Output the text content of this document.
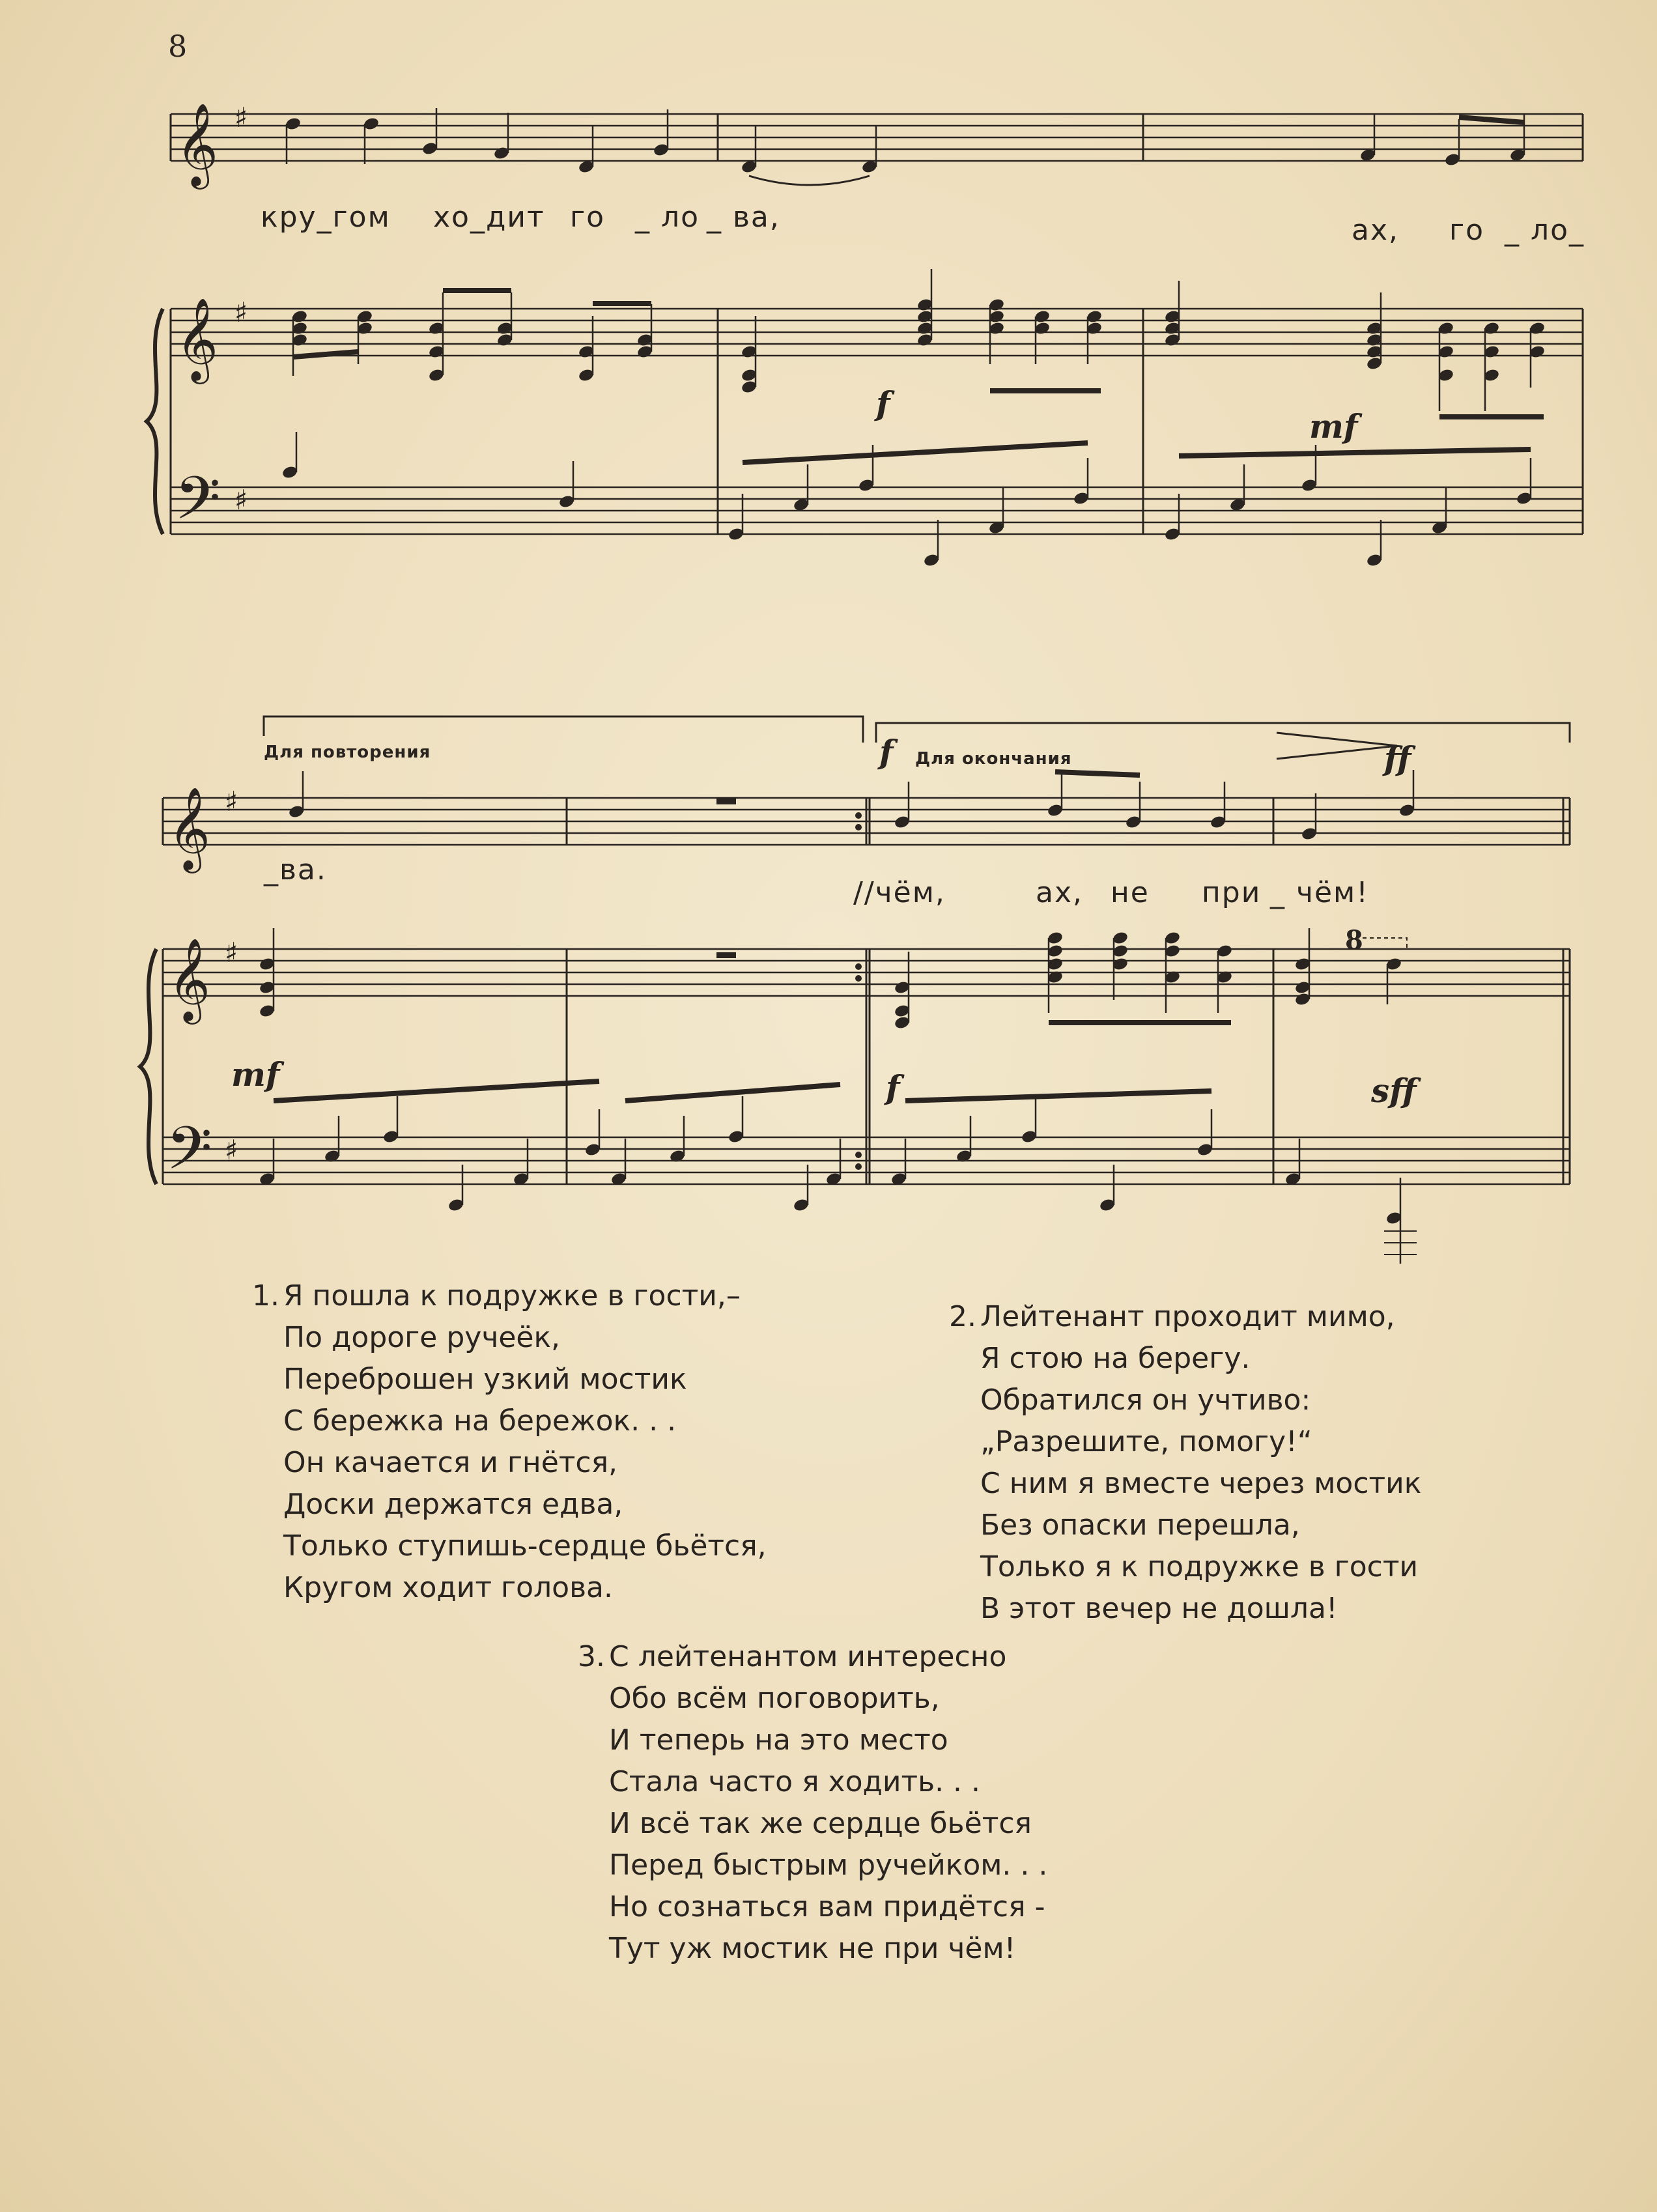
8
𝄞
𝄞
𝄢
♯
♯
♯
𝄞
𝄞
𝄢
♯
♯
♯
кру_гом хо_дит го _ ло _ ва,	ах, го _ ло_
f
mf
Для повторения	Для окончания
f	ff
mf	f	sff
8
_ва.
//чём,	ах, не при _ чём!
1. Я пошла к подружке в гости,–
По дороге ручеёк,
Переброшен узкий мостик
С бережка на бережок. . .
Он качается и гнётся,
Доски держатся едва,
Только ступишь-сердце бьётся,
Кругом ходит голова.
2. Лейтенант проходит мимо,
Я стою на берегу.
Обратился он учтиво:
„Разрешите, помогу!“
С ним я вместе через мостик
Без опаски перешла,
Только я к подружке в гости
В этот вечер не дошла!
3. С лейтенантом интересно
Обо всём поговорить,
И теперь на это место
Стала часто я ходить. . .
И всё так же сердце бьётся
Перед быстрым ручейком. . .
Но сознаться вам придётся -
Тут уж мостик не при чём!
